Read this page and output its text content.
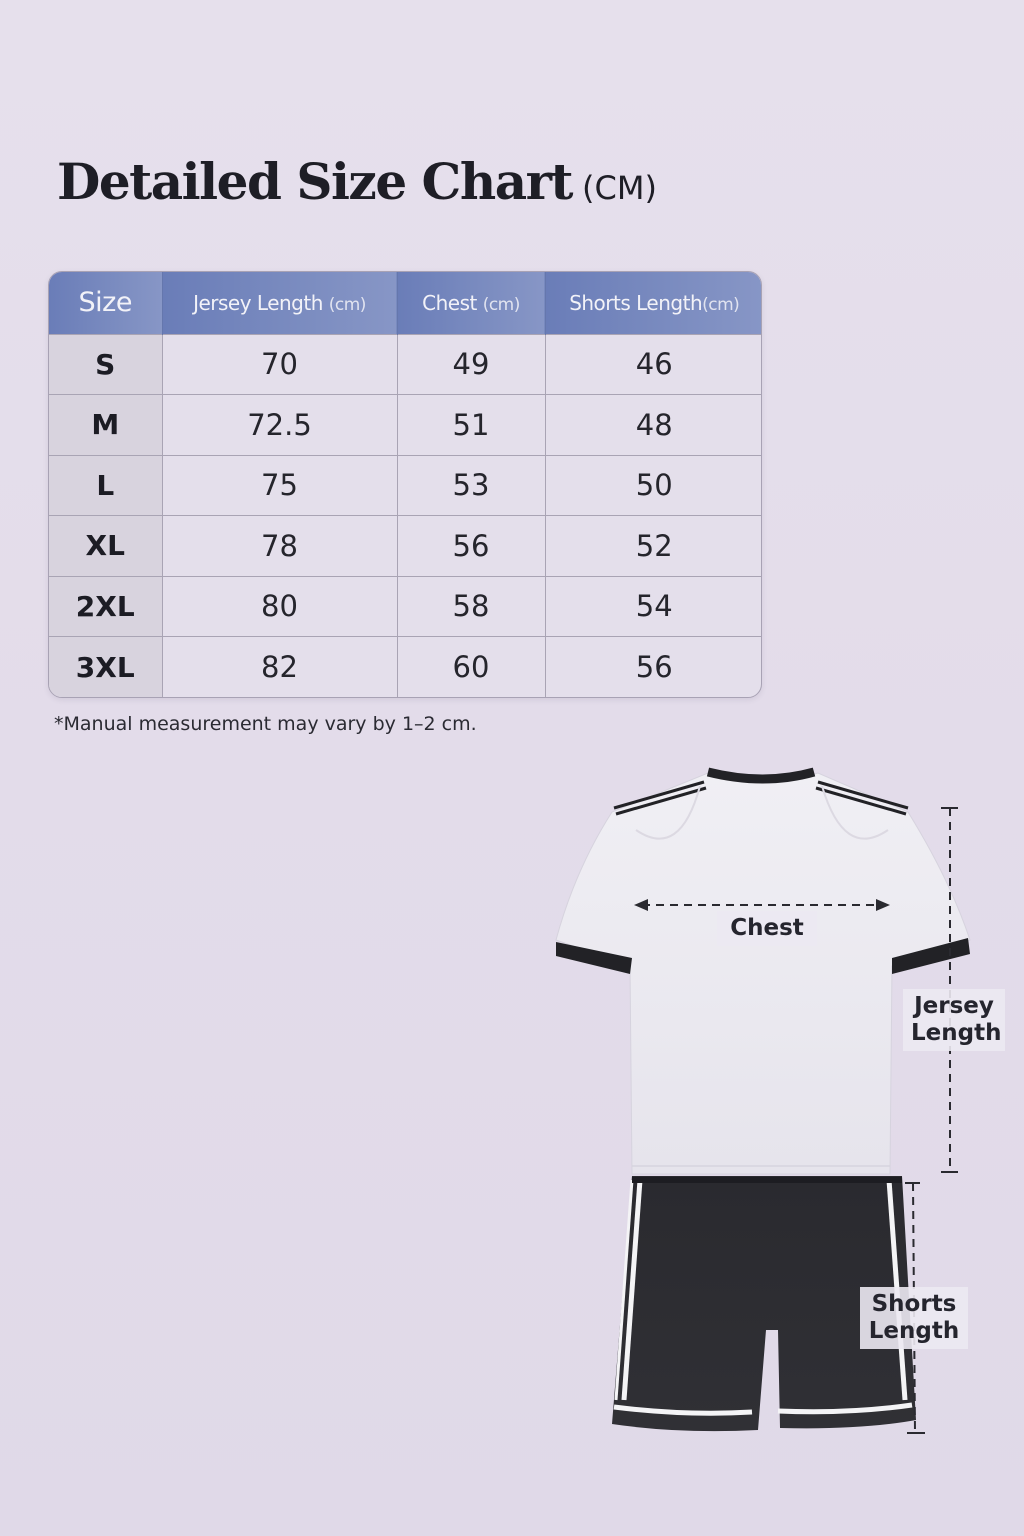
Detailed Size Chart (CM)
Size	Jersey Length (cm)	Chest (cm)	Shorts Length(cm)
S	70	49	46
M	72.5	51	48
L	75	53	50
XL	78	56	52
2XL	80	58	54
3XL	82	60	56
*Manual measurement may vary by 1–2 cm.
Chest
Jersey
Length
Shorts
Length
